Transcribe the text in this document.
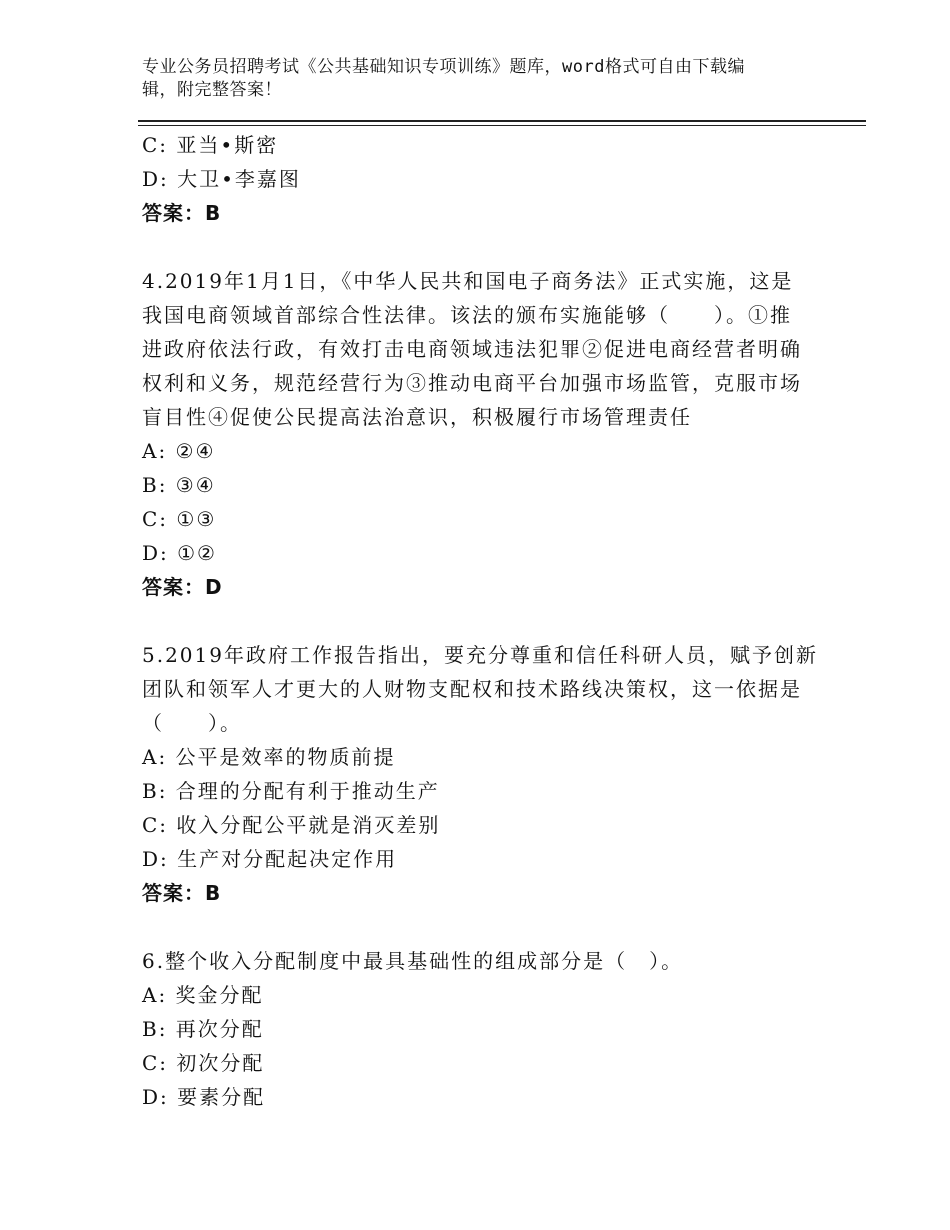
专业公务员招聘考试《公共基础知识专项训练》题库，word格式可自由下载编
辑，附完整答案！
C: 亚当•斯密
D: 大卫•李嘉图
答案：B
4.2019年1月1日，《中华人民共和国电子商务法》正式实施，这是
我国电商领域首部综合性法律。该法的颁布实施能够（　　）。①推
进政府依法行政，有效打击电商领域违法犯罪②促进电商经营者明确
权利和义务，规范经营行为③推动电商平台加强市场监管，克服市场
盲目性④促使公民提高法治意识，积极履行市场管理责任
A: ②④
B: ③④
C: ①③
D: ①②
答案：D
5.2019年政府工作报告指出，要充分尊重和信任科研人员，赋予创新
团队和领军人才更大的人财物支配权和技术路线决策权，这一依据是
（　　）。
A: 公平是效率的物质前提
B: 合理的分配有利于推动生产
C: 收入分配公平就是消灭差别
D: 生产对分配起决定作用
答案：B
6.整个收入分配制度中最具基础性的组成部分是（　）。
A: 奖金分配
B: 再次分配
C: 初次分配
D: 要素分配
